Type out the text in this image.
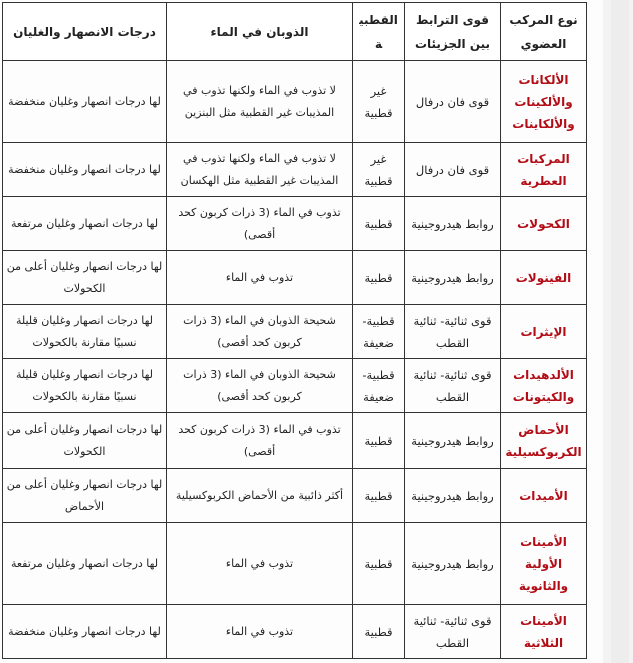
نوع المركب العضوي	قوى الترابط بين الجزيئات	القطبية	الذوبان في الماء	درجات الانصهار والغليان
الألكانات والألكينات والألكاينات	قوى فان درفال	غير قطبية	لا تذوب في الماء ولكنها تذوب في المذيبات غير القطبية مثل البنزين	لها درجات انصهار وغليان منخفضة
المركبات العطرية	قوى فان درفال	غير قطبية	لا تذوب في الماء ولكنها تذوب في المذيبات غير القطبية مثل الهكسان	لها درجات انصهار وغليان منخفضة
الكحولات	روابط هيدروجينية	قطبية	تذوب في الماء (3 ذرات كربون كحد أقصى)	لها درجات انصهار وغليان مرتفعة
الفينولات	روابط هيدروجينية	قطبية	تذوب في الماء	لها درجات انصهار وغليان أعلى من الكحولات
الإيثرات	قوى ثنائية- ثنائية القطب	قطبية- ضعيفة	شحيحة الذوبان في الماء (3 ذرات كربون كحد أقصى)	لها درجات انصهار وغليان قليلة نسبيًا مقارنة بالكحولات
الألدهيدات والكيتونات	قوى ثنائية- ثنائية القطب	قطبية- ضعيفة	شحيحة الذوبان في الماء (3 ذرات كربون كحد أقصى)	لها درجات انصهار وغليان قليلة نسبيًا مقارنة بالكحولات
الأحماض الكربوكسيلية	روابط هيدروجينية	قطبية	تذوب في الماء (3 ذرات كربون كحد أقصى)	لها درجات انصهار وغليان أعلى من الكحولات
الأميدات	روابط هيدروجينية	قطبية	أكثر ذائبية من الأحماض الكربوكسيلية	لها درجات انصهار وغليان أعلى من الأحماض
الأمينات الأولية والثانوية	روابط هيدروجينية	قطبية	تذوب في الماء	لها درجات انصهار وغليان مرتفعة
الأمينات الثلاثية	قوى ثنائية- ثنائية القطب	قطبية	تذوب في الماء	لها درجات انصهار وغليان منخفضة
